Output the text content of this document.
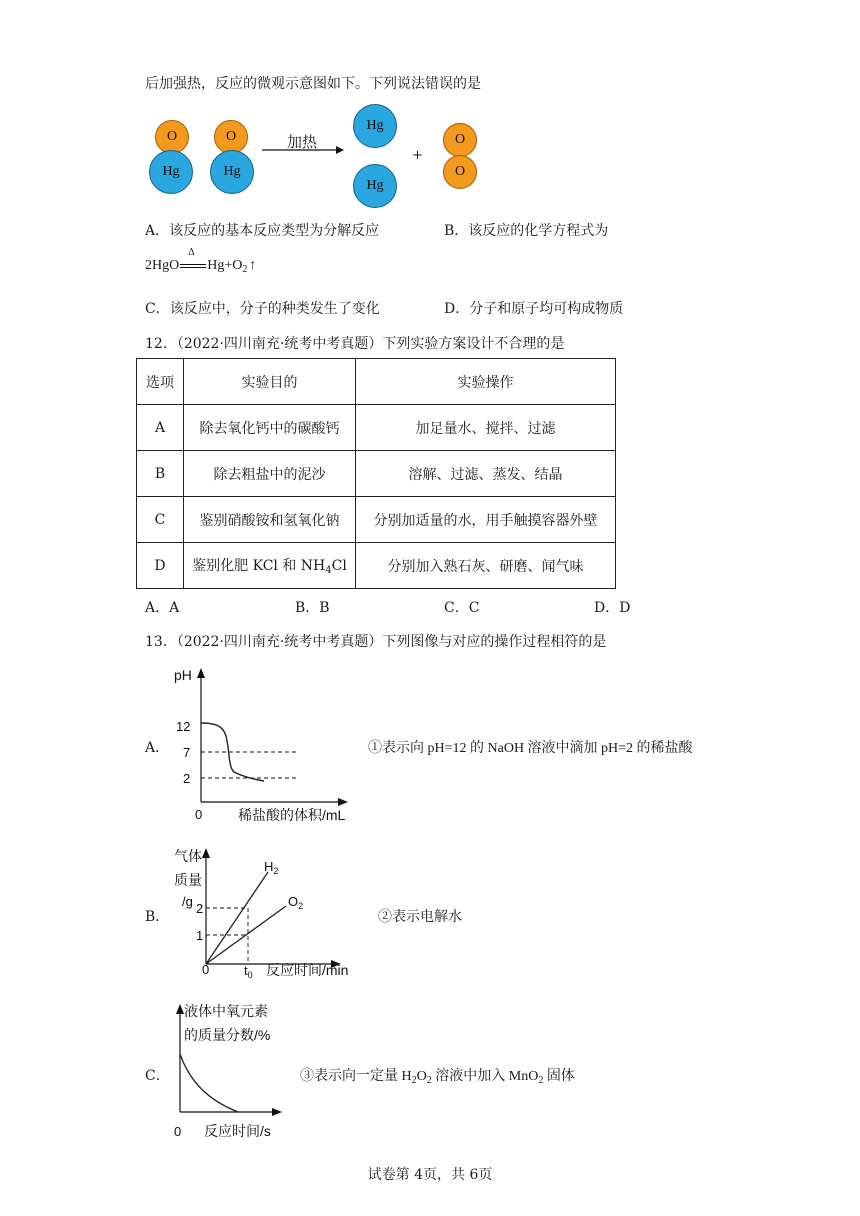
后加强热，反应的微观示意图如下。下列说法错误的是
O
Hg
O
Hg
加热
Hg
Hg
+
O
O
A．该反应的基本反应类型为分解反应	B．该反应的化学方程式为
2HgO
Δ
$Hg+O_2$ ↑
C．该反应中，分子的种类发生了变化	D．分子和原子均可构成物质
12．（2022·四川南充·统考中考真题）下列实验方案设计不合理的是
选项	实验目的	实验操作
A	除去氧化钙中的碳酸钙	加足量水、搅拌、过滤
B	除去粗盐中的泥沙	溶解、过滤、蒸发、结晶
C	鉴别硝酸铵和氢氧化钠	分别加适量的水，用手触摸容器外壁
D	鉴别化肥 KCl 和 $NH_4Cl$	分别加入熟石灰、研磨、闻气味
A．A	B．B	C．C	D．D
13．（2022·四川南充·统考中考真题）下列图像与对应的操作过程相符的是
A．
pH
12
7
2
0	稀盐酸的体积/mL
①表示向 pH=12 的 NaOH 溶液中滴加 pH=2 的稀盐酸
B．
气体
质量
/g 2
1
0	$t_0$ 反应时间/min
$H_2$
$O_2$
②表示电解水
C．
液体中氧元素
的质量分数/%
0 反应时间/s
③表示向一定量 $H_2O_2$ 溶液中加入 MnO$_2$ 固体
试卷第 4页，共 6页
